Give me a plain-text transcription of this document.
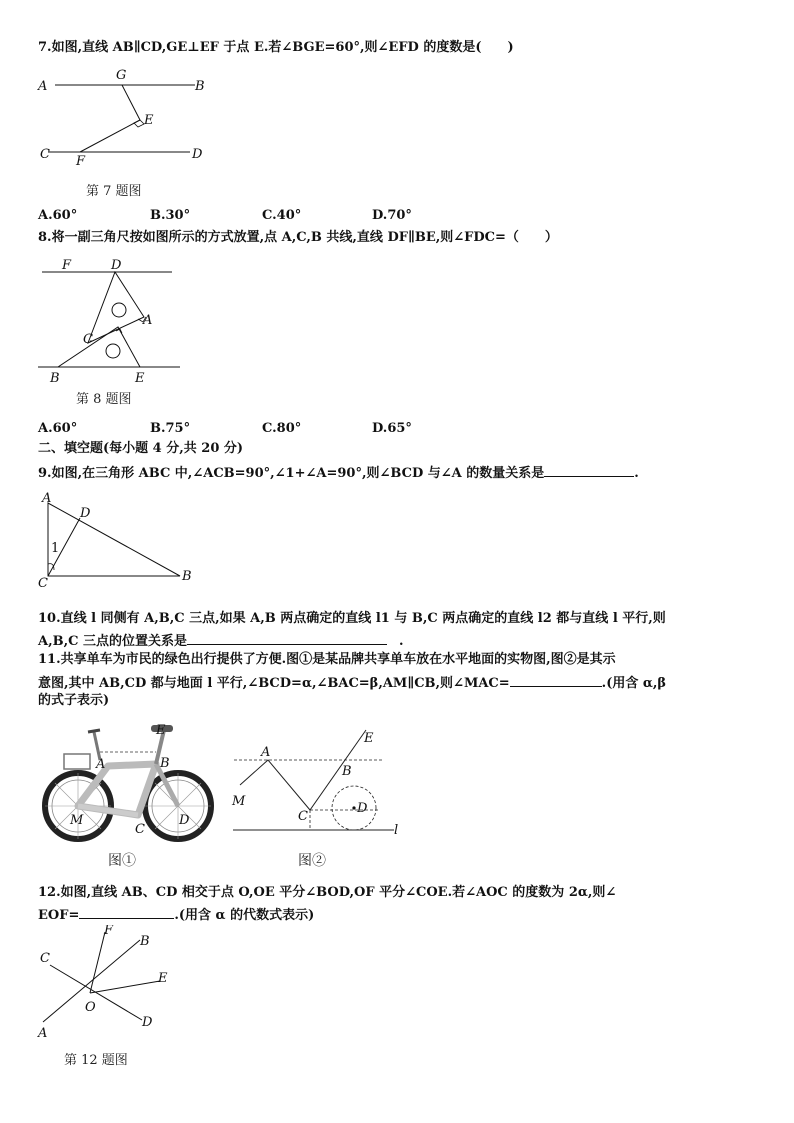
7.如图,直线 AB∥CD,GE⊥EF 于点 E.若∠BGE=60°,则∠EFD 的度数是(　　)
A	B
G
E
C	D
F
第 7 题图
A.60°	B.30°	C.40°	D.70°
8.将一副三角尺按如图所示的方式放置,点 A,C,B 共线,直线 DF∥BE,则∠FDC=（　　）
F	D
A
C
B	E
第 8 题图
A.60°	B.75°	C.80°	D.65°
二、填空题(每小题 4 分,共 20 分)
9.如图,在三角形 ABC 中,∠ACB=90°,∠1+∠A=90°,则∠BCD 与∠A 的数量关系是	.
A
D
1
C	B
10.直线 l 同侧有 A,B,C 三点,如果 A,B 两点确定的直线 l1 与 B,C 两点确定的直线 l2 都与直线 l 平行,则
A,B,C 三点的位置关系是	.
11.共享单车为市民的绿色出行提供了方便.图①是某品牌共享单车放在水平地面的实物图,图②是其示
意图,其中 AB,CD 都与地面 l 平行,∠BCD=α,∠BAC=β,AM∥CB,则∠MAC=	.(用含 α,β
的式子表示)
E
A	B
M
C
D
图①
A
E
B
M
C
D
l
图②
12.如图,直线 AB、CD 相交于点 O,OE 平分∠BOD,OF 平分∠COE.若∠AOC 的度数为 2α,则∠
EOF=	.(用含 α 的代数式表示)
F
B
C
E
O
A
D
第 12 题图
